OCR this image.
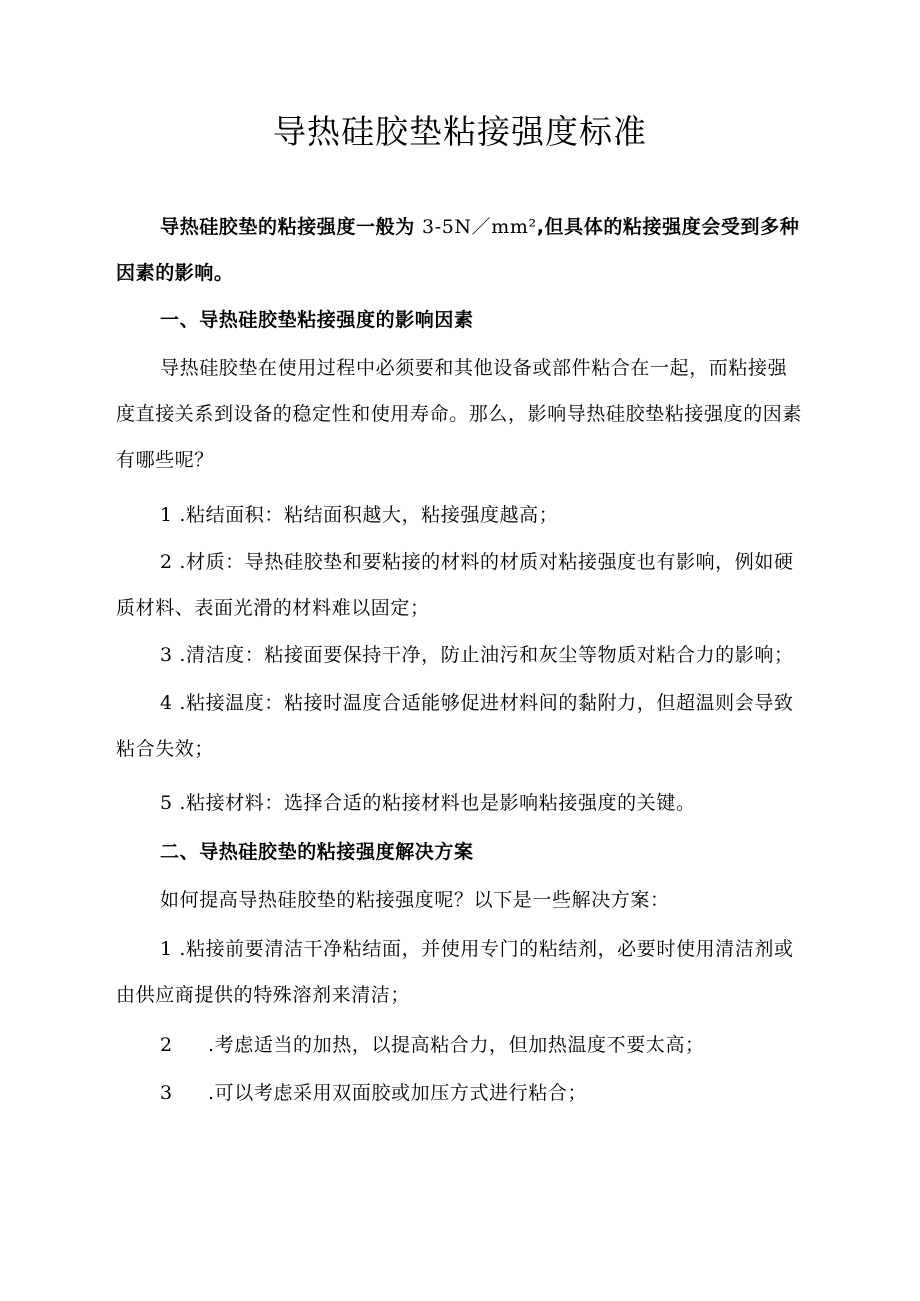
导热硅胶垫粘接强度标准
导热硅胶垫的粘接强度一般为 3-5N／mm²,但具体的粘接强度会受到多种因素的影响。
一、导热硅胶垫粘接强度的影响因素
导热硅胶垫在使用过程中必须要和其他设备或部件粘合在一起，而粘接强度直接关系到设备的稳定性和使用寿命。那么，影响导热硅胶垫粘接强度的因素有哪些呢？
1 .粘结面积：粘结面积越大，粘接强度越高；
2 .材质：导热硅胶垫和要粘接的材料的材质对粘接强度也有影响，例如硬质材料、表面光滑的材料难以固定；
3 .清洁度：粘接面要保持干净，防止油污和灰尘等物质对粘合力的影响；
4 .粘接温度：粘接时温度合适能够促进材料间的黏附力，但超温则会导致粘合失效；
5 .粘接材料：选择合适的粘接材料也是影响粘接强度的关键。
二、导热硅胶垫的粘接强度解决方案
如何提高导热硅胶垫的粘接强度呢？以下是一些解决方案：
1 .粘接前要清洁干净粘结面，并使用专门的粘结剂，必要时使用清洁剂或由供应商提供的特殊溶剂来清洁；
2 .考虑适当的加热，以提高粘合力，但加热温度不要太高；
3 .可以考虑采用双面胶或加压方式进行粘合；
